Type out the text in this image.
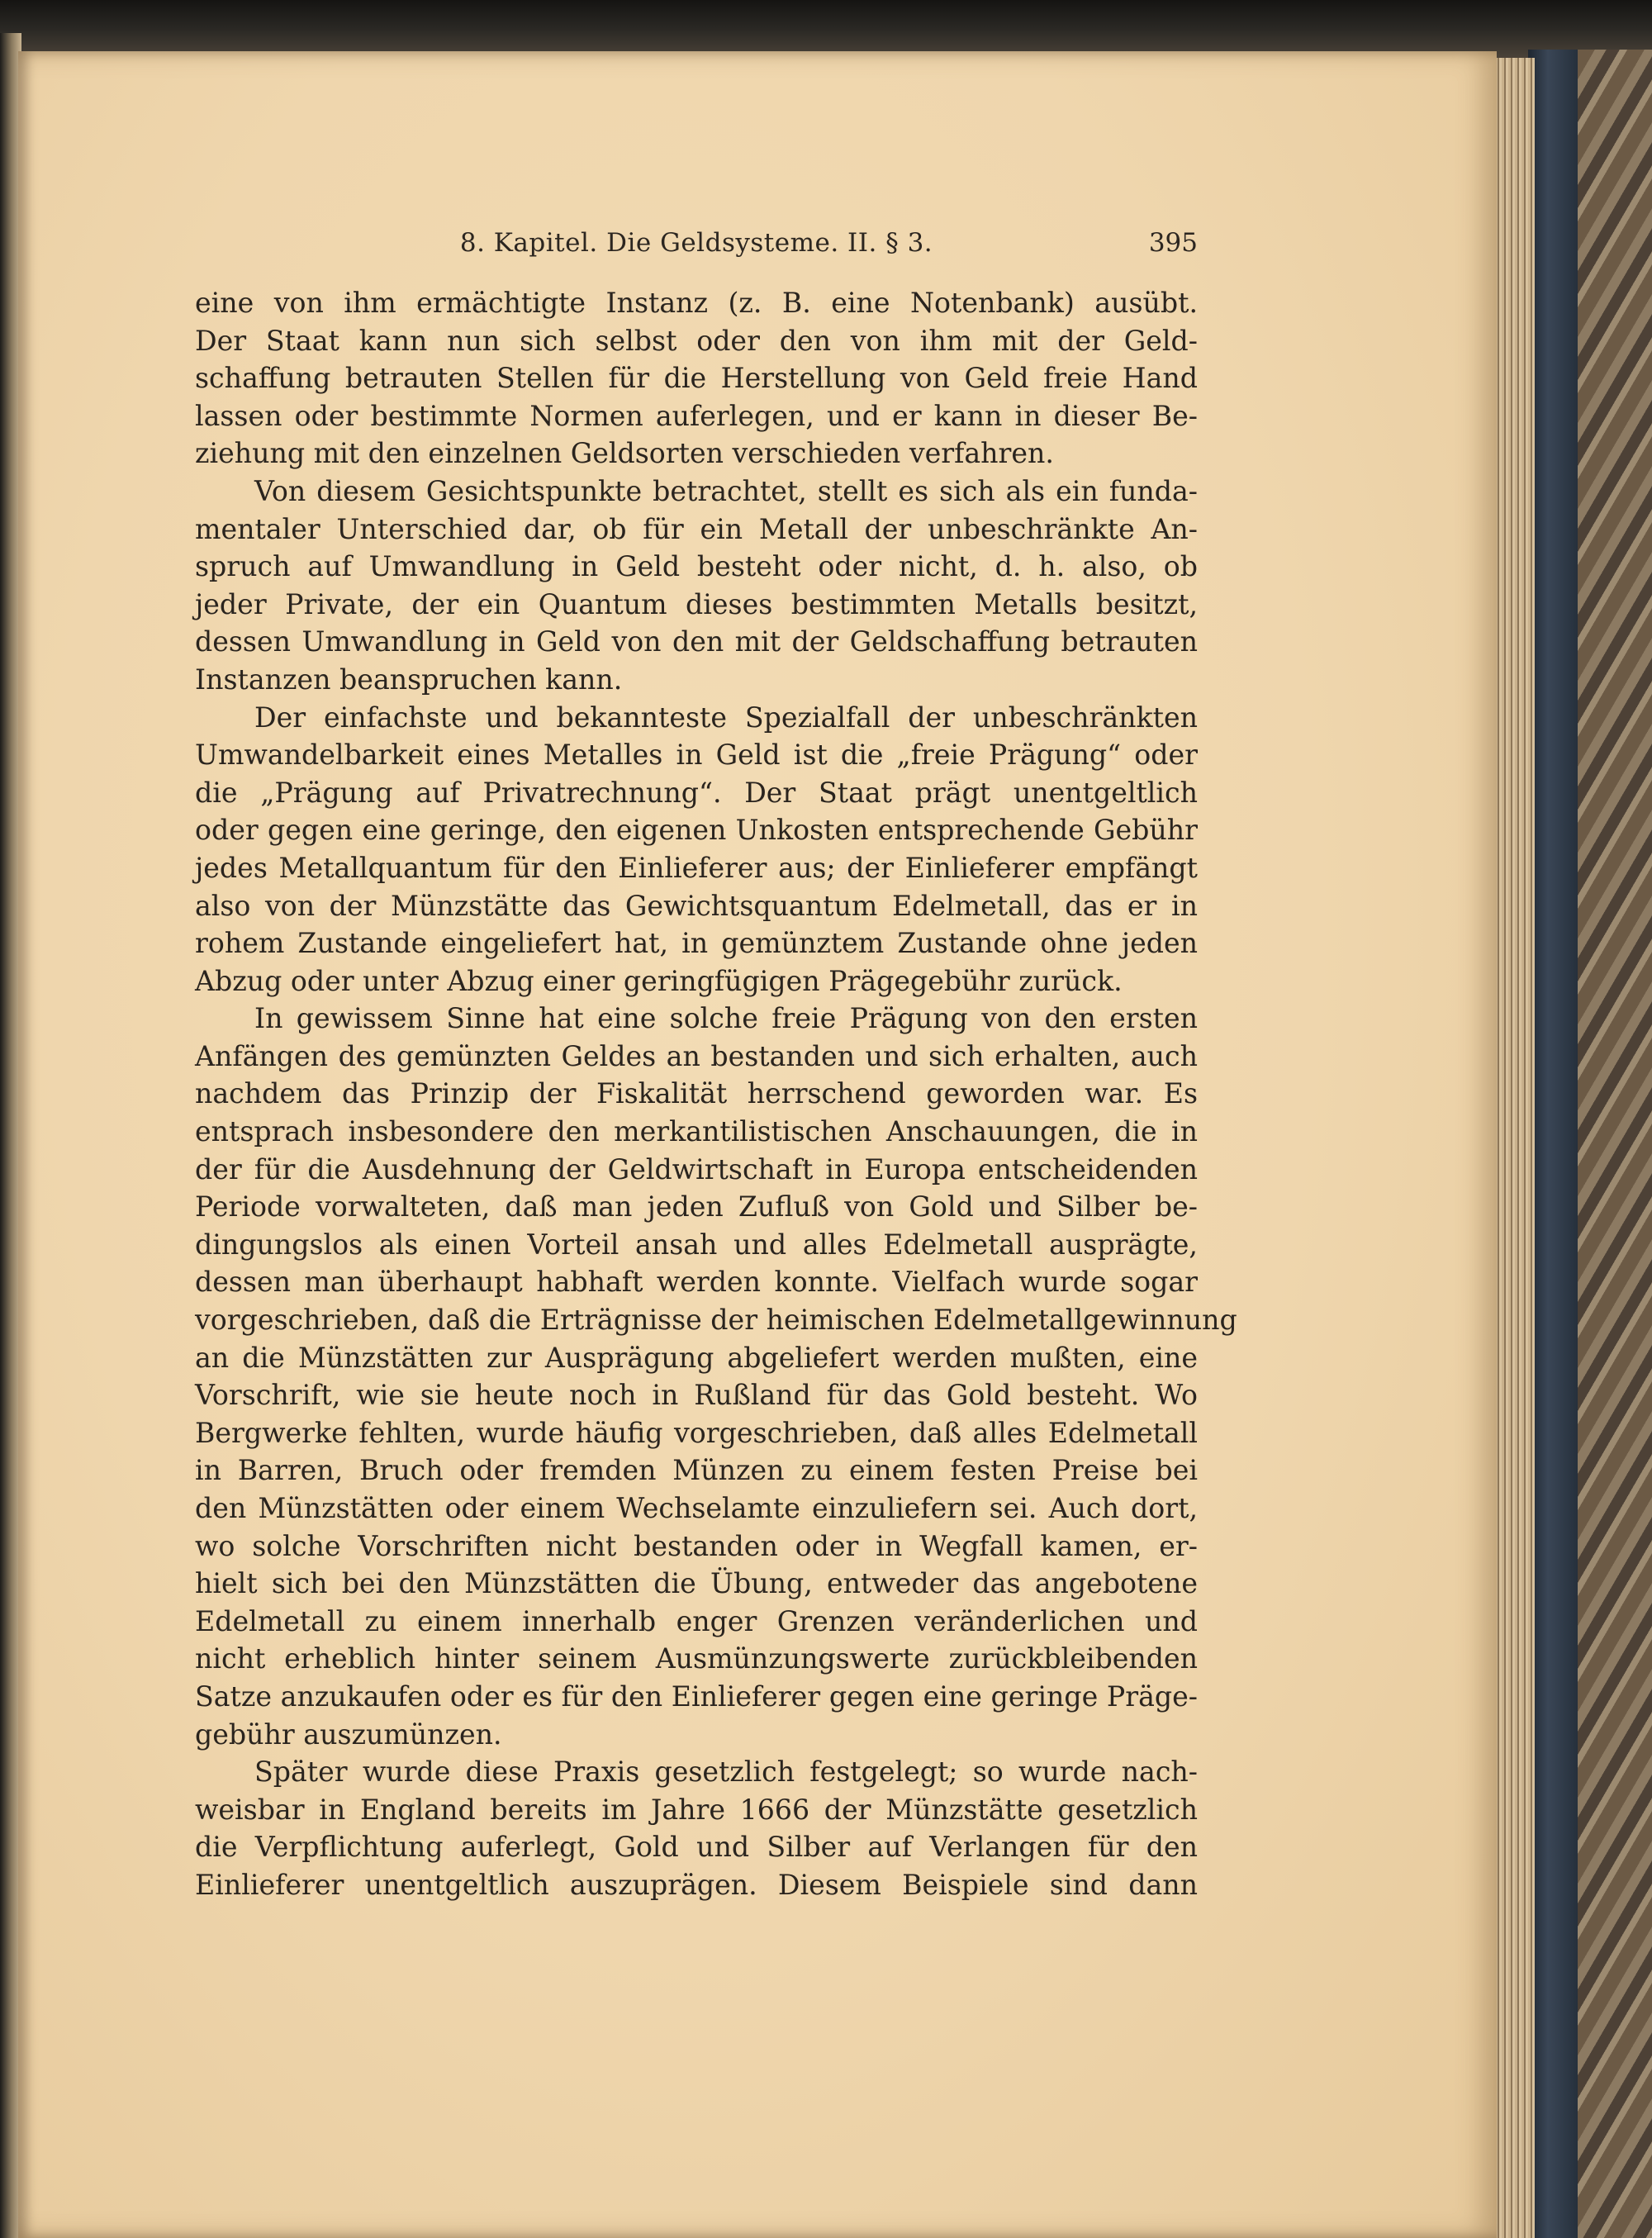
8. Kapitel. Die Geldsysteme. II. § 3.	395
eine von ihm ermächtigte Instanz (z. B. eine Notenbank) ausübt.
Der Staat kann nun sich selbst oder den von ihm mit der Geld-
schaffung betrauten Stellen für die Herstellung von Geld freie Hand
lassen oder bestimmte Normen auferlegen, und er kann in dieser Be-
ziehung mit den einzelnen Geldsorten verschieden verfahren.
Von diesem Gesichtspunkte betrachtet, stellt es sich als ein funda-
mentaler Unterschied dar, ob für ein Metall der unbeschränkte An-
spruch auf Umwandlung in Geld besteht oder nicht, d. h. also, ob
jeder Private, der ein Quantum dieses bestimmten Metalls besitzt,
dessen Umwandlung in Geld von den mit der Geldschaffung betrauten
Instanzen beanspruchen kann.
Der einfachste und bekannteste Spezialfall der unbeschränkten
Umwandelbarkeit eines Metalles in Geld ist die „freie Prägung“ oder
die „Prägung auf Privatrechnung“. Der Staat prägt unentgeltlich
oder gegen eine geringe, den eigenen Unkosten entsprechende Gebühr
jedes Metallquantum für den Einlieferer aus; der Einlieferer empfängt
also von der Münzstätte das Gewichtsquantum Edelmetall, das er in
rohem Zustande eingeliefert hat, in gemünztem Zustande ohne jeden
Abzug oder unter Abzug einer geringfügigen Prägegebühr zurück.
In gewissem Sinne hat eine solche freie Prägung von den ersten
Anfängen des gemünzten Geldes an bestanden und sich erhalten, auch
nachdem das Prinzip der Fiskalität herrschend geworden war. Es
entsprach insbesondere den merkantilistischen Anschauungen, die in
der für die Ausdehnung der Geldwirtschaft in Europa entscheidenden
Periode vorwalteten, daß man jeden Zufluß von Gold und Silber be-
dingungslos als einen Vorteil ansah und alles Edelmetall ausprägte,
dessen man überhaupt habhaft werden konnte. Vielfach wurde sogar
vorgeschrieben, daß die Erträgnisse der heimischen Edelmetallgewinnung
an die Münzstätten zur Ausprägung abgeliefert werden mußten, eine
Vorschrift, wie sie heute noch in Rußland für das Gold besteht. Wo
Bergwerke fehlten, wurde häufig vorgeschrieben, daß alles Edelmetall
in Barren, Bruch oder fremden Münzen zu einem festen Preise bei
den Münzstätten oder einem Wechselamte einzuliefern sei. Auch dort,
wo solche Vorschriften nicht bestanden oder in Wegfall kamen, er-
hielt sich bei den Münzstätten die Übung, entweder das angebotene
Edelmetall zu einem innerhalb enger Grenzen veränderlichen und
nicht erheblich hinter seinem Ausmünzungswerte zurückbleibenden
Satze anzukaufen oder es für den Einlieferer gegen eine geringe Präge-
gebühr auszumünzen.
Später wurde diese Praxis gesetzlich festgelegt; so wurde nach-
weisbar in England bereits im Jahre 1666 der Münzstätte gesetzlich
die Verpflichtung auferlegt, Gold und Silber auf Verlangen für den
Einlieferer unentgeltlich auszuprägen. Diesem Beispiele sind dann
